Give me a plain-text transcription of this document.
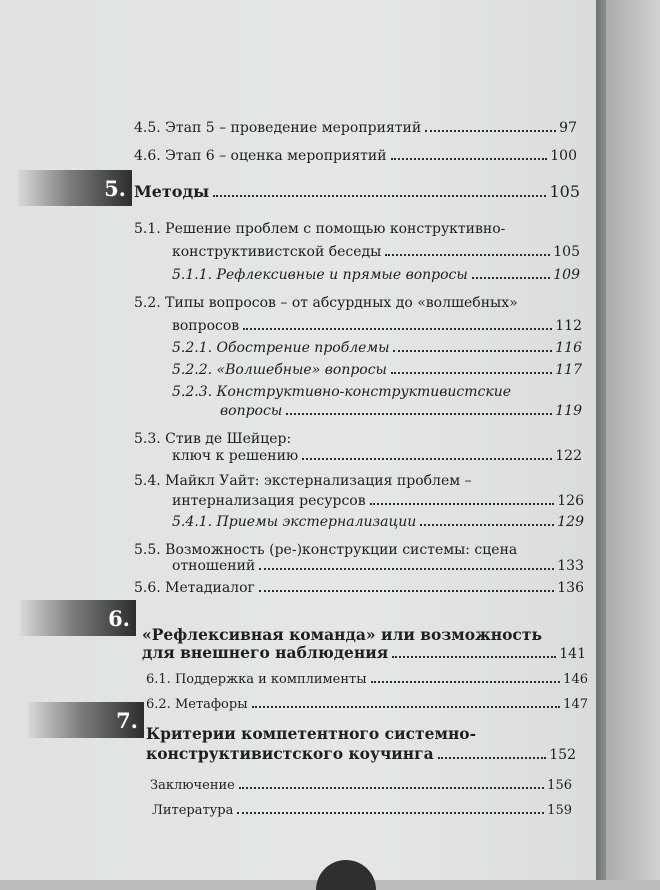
4.5. Этап 5 – проведение мероприятий	97
4.6. Этап 6 – оценка мероприятий	100
5. Методы	105
5.1. Решение проблем с помощью конструктивно-
конструктивистской беседы	105
5.1.1. Рефлексивные и прямые вопросы	109
5.2. Типы вопросов – от абсурдных до «волшебных»
вопросов	112
5.2.1. Обострение проблемы	116
5.2.2. «Волшебные» вопросы	117
5.2.3. Конструктивно-конструктивистские
вопросы	119
5.3. Стив де Шейцер:
ключ к решению	122
5.4. Майкл Уайт: экстернализация проблем –
интернализация ресурсов	126
5.4.1. Приемы экстернализации	129
5.5. Возможность (ре-)конструкции системы: сцена
отношений	133
5.6. Метадиалог	136
6.
«Рефлексивная команда» или возможность
для внешнего наблюдения	141
6.1. Поддержка и комплименты	146
6.2. Метафоры	147
7.
Критерии компетентного системно-
конструктивистского коучинга	152
Заключение	156
Литература	159
